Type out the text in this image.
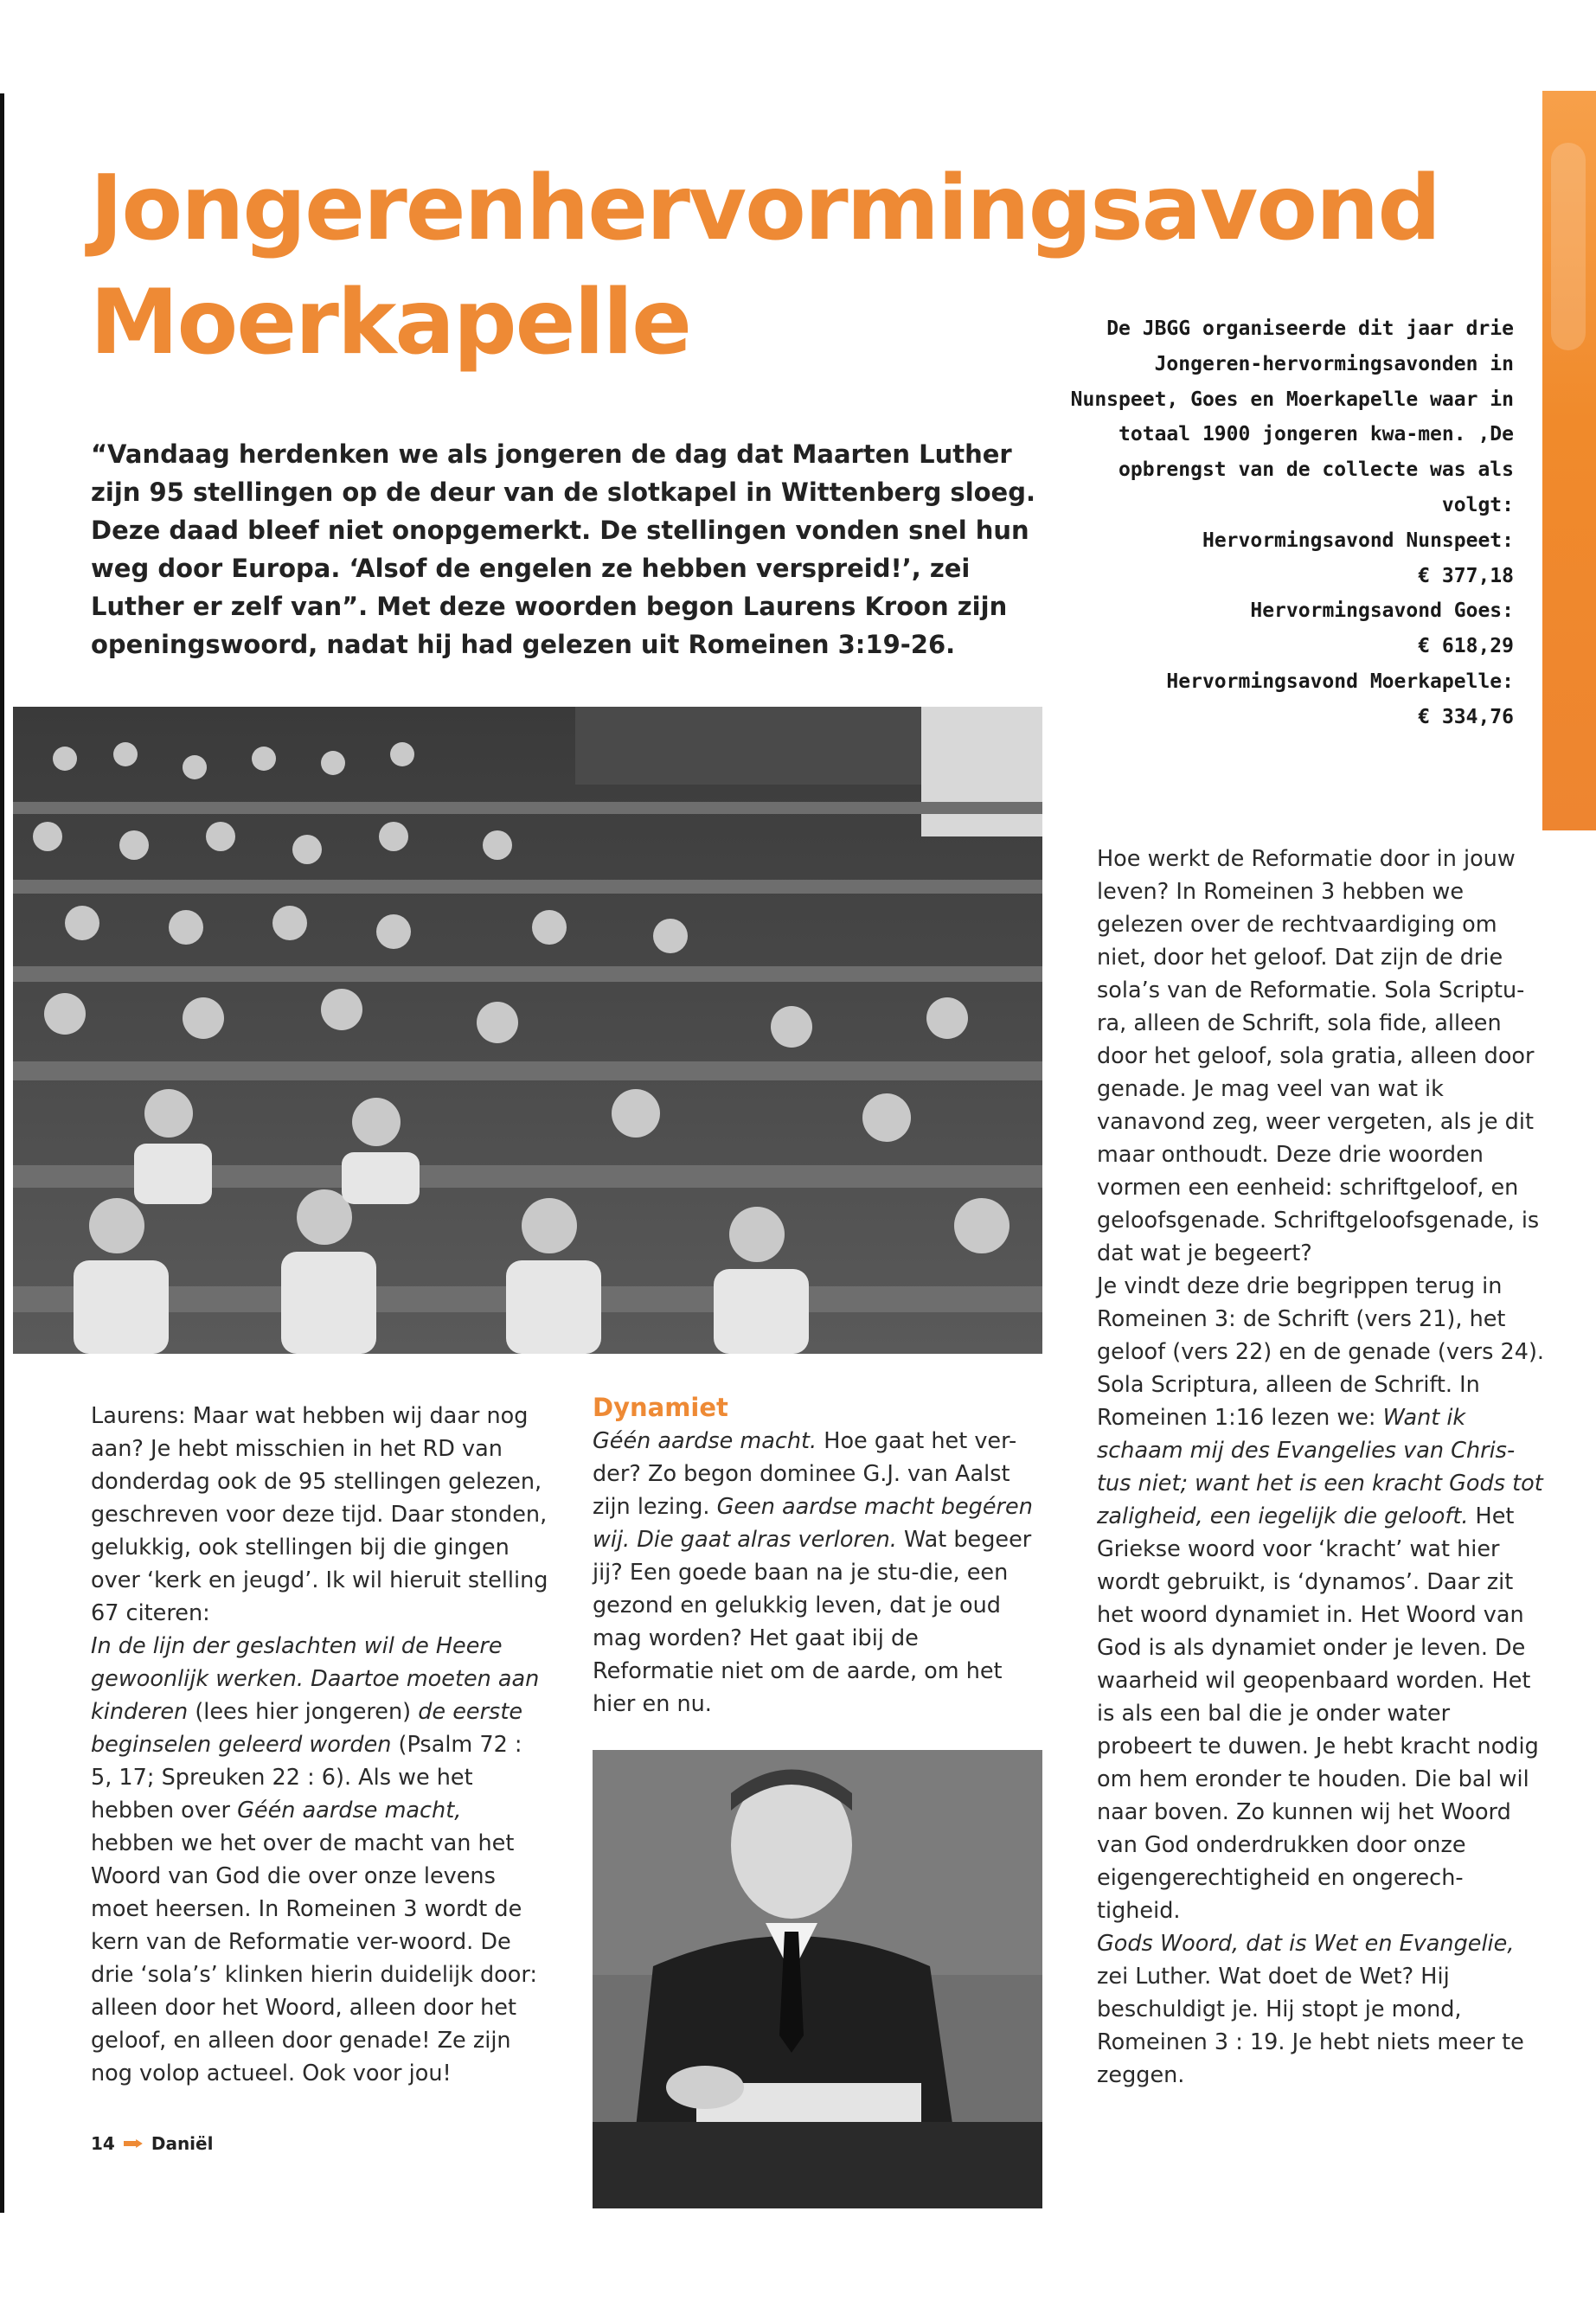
Jongerenhervormingsavond
Moerkapelle

“Vandaag herdenken we als jongeren de dag dat Maarten Luther zijn 95 stellingen op de deur van de slotkapel in Wittenberg sloeg. Deze daad bleef niet onopgemerkt. De stellingen vonden snel hun weg door Europa. ‘Alsof de engelen ze hebben verspreid!’, zei Luther er zelf van”. Met deze woorden begon Laurens Kroon zijn openingswoord, nadat hij had gelezen uit Romeinen 3:19-26.

De JBGG organiseerde dit jaar drie Jongeren-hervormingsavonden in Nunspeet, Goes en Moerkapelle waar in totaal 1900 jongeren kwa-men. ,De opbrengst van de collecte was als volgt:

Hervormingsavond Nunspeet:

€ 377,18

Hervormingsavond Goes:

€ 618,29

Hervormingsavond Moerkapelle:

€ 334,76

Laurens: Maar wat hebben wij daar nog aan? Je hebt misschien in het RD van donderdag ook de 95 stellingen gelezen, geschreven voor deze tijd. Daar stonden, gelukkig, ook stellingen bij die gingen over ‘kerk en jeugd’. Ik wil hieruit stelling 67 citeren:

In de lijn der geslachten wil de Heere gewoonlijk werken. Daartoe moeten aan kinderen (lees hier jongeren) de eerste beginselen geleerd worden (Psalm 72 : 5, 17; Spreuken 22 : 6). Als we het hebben over Géén aardse macht, hebben we het over de macht van het Woord van God die over onze levens moet heersen. In Romeinen 3 wordt de kern van de Reformatie ver-woord. De drie ‘sola’s’ klinken hierin duidelijk door: alleen door het Woord, alleen door het geloof, en alleen door genade! Ze zijn nog volop actueel. Ook voor jou!

Dynamiet

Géén aardse macht. Hoe gaat het ver-der? Zo begon dominee G.J. van Aalst zijn lezing. Geen aardse macht begéren wij. Die gaat alras verloren. Wat begeer jij? Een goede baan na je stu-die, een gezond en gelukkig leven, dat je oud mag worden? Het gaat ibij de Reformatie niet om de aarde, om het hier en nu.

Hoe werkt de Reformatie door in jouw leven? In Romeinen 3 hebben we gelezen over de rechtvaardiging om niet, door het geloof. Dat zijn de drie sola’s van de Reformatie. Sola Scriptu-ra, alleen de Schrift, sola fide, alleen door het geloof, sola gratia, alleen door genade. Je mag veel van wat ik vanavond zeg, weer vergeten, als je dit maar onthoudt. Deze drie woorden vormen een eenheid: schriftgeloof, en geloofsgenade. Schriftgeloofsgenade, is dat wat je begeert?

Je vindt deze drie begrippen terug in Romeinen 3: de Schrift (vers 21), het geloof (vers 22) en de genade (vers 24).

Sola Scriptura, alleen de Schrift. In Romeinen 1:16 lezen we: Want ik schaam mij des Evangelies van Chris-tus niet; want het is een kracht Gods tot zaligheid, een iegelijk die gelooft. Het Griekse woord voor ‘kracht’ wat hier wordt gebruikt, is ‘dynamos’. Daar zit het woord dynamiet in. Het Woord van God is als dynamiet onder je leven. De waarheid wil geopenbaard worden. Het is als een bal die je onder water probeert te duwen. Je hebt kracht nodig om hem eronder te houden. Die bal wil naar boven. Zo kunnen wij het Woord van God onderdrukken door onze eigengerechtigheid en ongerech-tigheid.

Gods Woord, dat is Wet en Evangelie, zei Luther. Wat doet de Wet? Hij beschuldigt je. Hij stopt je mond, Romeinen 3 : 19. Je hebt niets meer te zeggen.

14 Daniël
